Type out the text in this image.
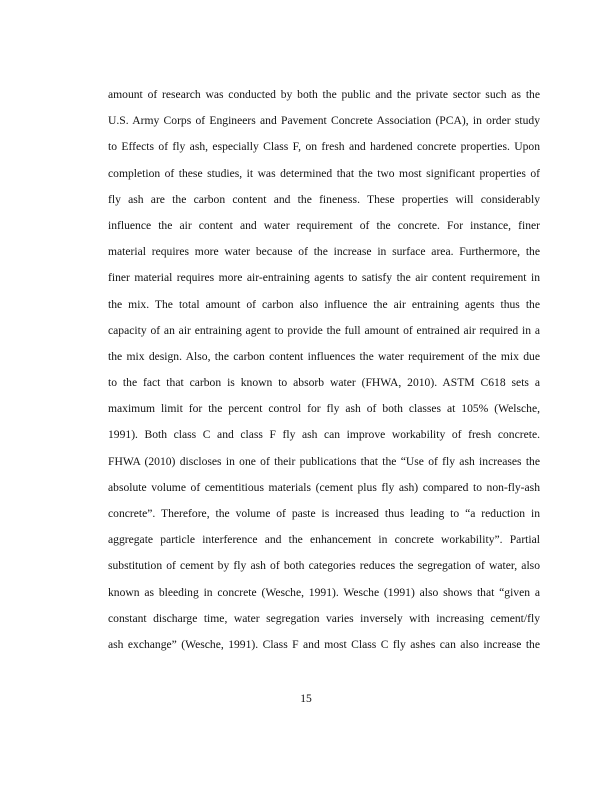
amount of research was conducted by both the public and the private sector such as the
U.S. Army Corps of Engineers and Pavement Concrete Association (PCA), in order study
to Effects of fly ash, especially Class F, on fresh and hardened concrete properties. Upon
completion of these studies, it was determined that the two most significant properties of
fly ash are the carbon content and the fineness. These properties will considerably
influence the air content and water requirement of the concrete. For instance, finer
material requires more water because of the increase in surface area. Furthermore, the
finer material requires more air-entraining agents to satisfy the air content requirement in
the mix. The total amount of carbon also influence the air entraining agents thus the
capacity of an air entraining agent to provide the full amount of entrained air required in a
the mix design. Also, the carbon content influences the water requirement of the mix due
to the fact that carbon is known to absorb water (FHWA, 2010). ASTM C618 sets a
maximum limit for the percent control for fly ash of both classes at 105% (Welsche,
1991). Both class C and class F fly ash can improve workability of fresh concrete.
FHWA (2010) discloses in one of their publications that the “Use of fly ash increases the
absolute volume of cementitious materials (cement plus fly ash) compared to non-fly-ash
concrete”. Therefore, the volume of paste is increased thus leading to “a reduction in
aggregate particle interference and the enhancement in concrete workability”. Partial
substitution of cement by fly ash of both categories reduces the segregation of water, also
known as bleeding in concrete (Wesche, 1991). Wesche (1991) also shows that “given a
constant discharge time, water segregation varies inversely with increasing cement/fly
ash exchange” (Wesche, 1991). Class F and most Class C fly ashes can also increase the
15
